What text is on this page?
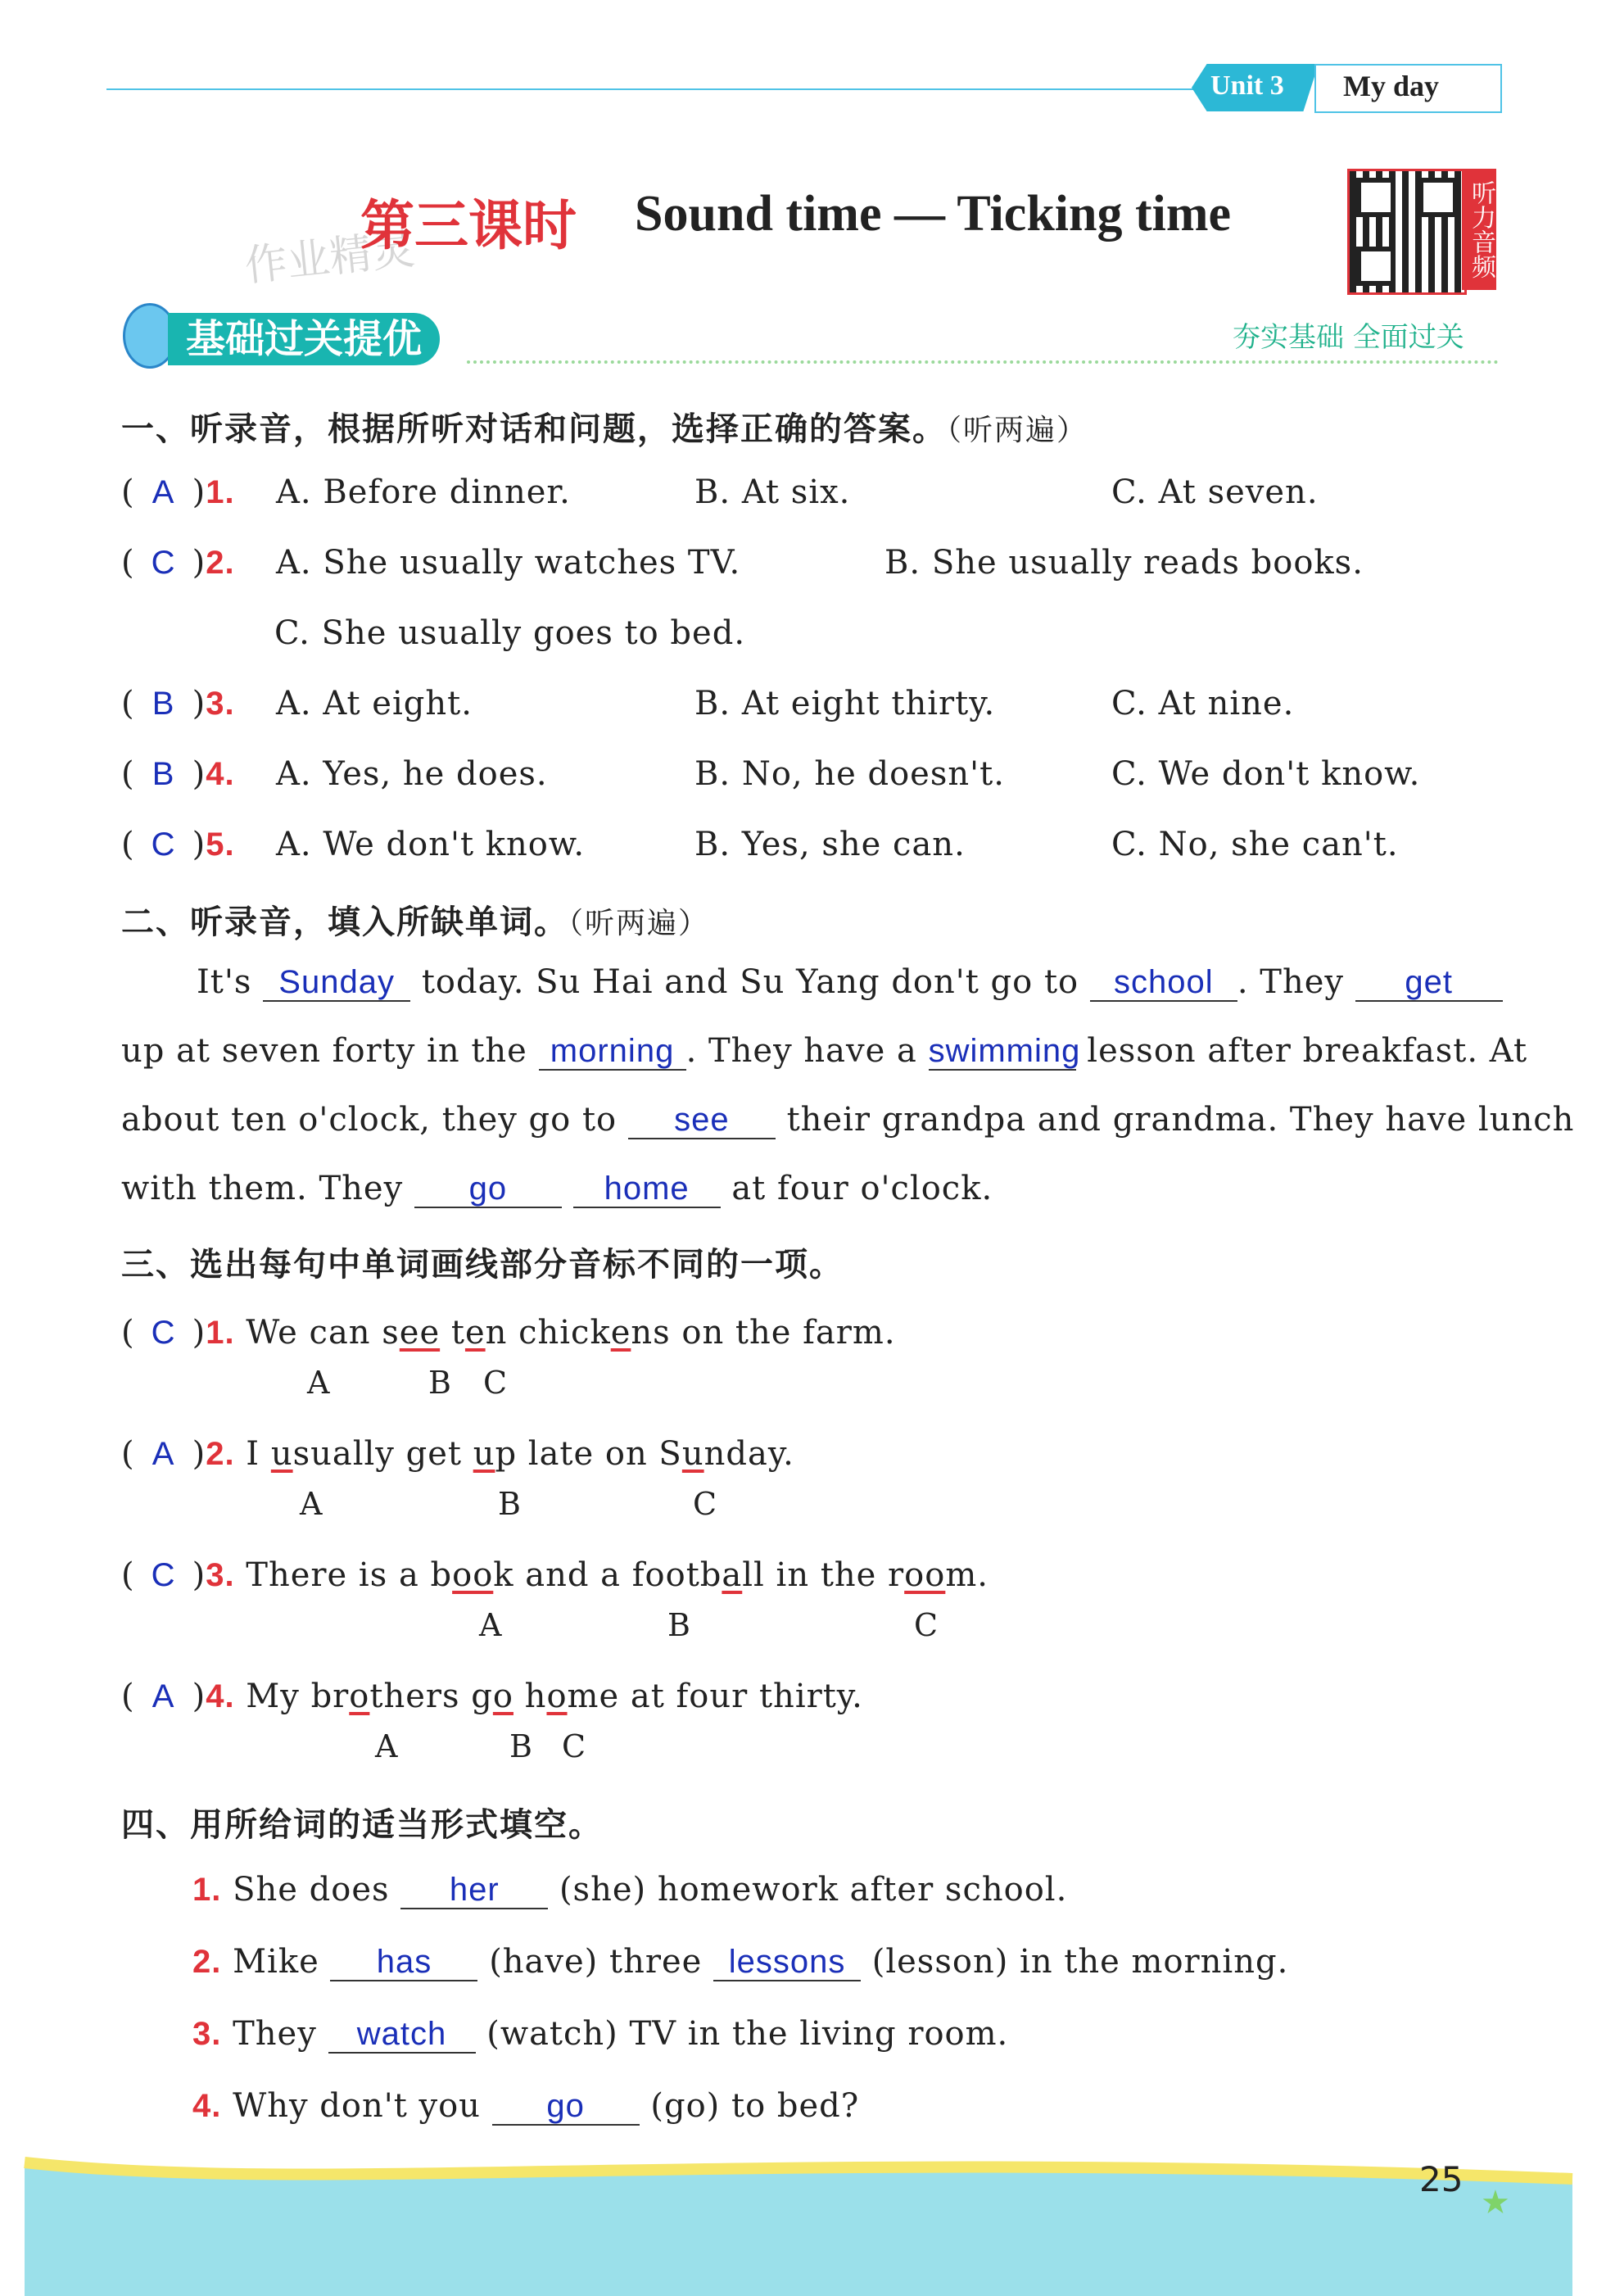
Unit 3 My day
作业精灵
第三课时 Sound time — Ticking time	听力音频
基础过关提优	夯实基础 全面过关
一、听录音，根据所听对话和问题，选择正确的答案。（听两遍）
( A )1. A. Before dinner.	B. At six.	C. At seven.
( C )2. A. She usually watches TV.	B. She usually reads books.
C. She usually goes to bed.
( B )3. A. At eight.	B. At eight thirty.	C. At nine.
( B )4. A. Yes, he does.	B. No, he doesn't.	C. We don't know.
( C )5. A. We don't know.	B. Yes, she can.	C. No, she can't.
二、听录音，填入所缺单词。（听两遍）
It's Sunday today. Su Hai and Su Yang don't go to school . They get
up at seven forty in the morning . They have a swimming lesson after breakfast. At
about ten o'clock, they go to see their grandpa and grandma. They have lunch
with them. They go	home at four o'clock.
三、选出每句中单词画线部分音标不同的一项。
( C )1. We can see ten chickens on the farm.
A	B C
( A )2. I usually get up late on Sunday.
A	B	C
( C )3. There is a book and a football in the room.
A	B	C
( A )4. My brothers go home at four thirty.
A	B C
四、用所给词的适当形式填空。
1. She does her (she) homework after school.
2. Mike has (have) three lessons (lesson) in the morning.
3. They watch (watch) TV in the living room.
4. Why don't you go (go) to bed?
25
★
